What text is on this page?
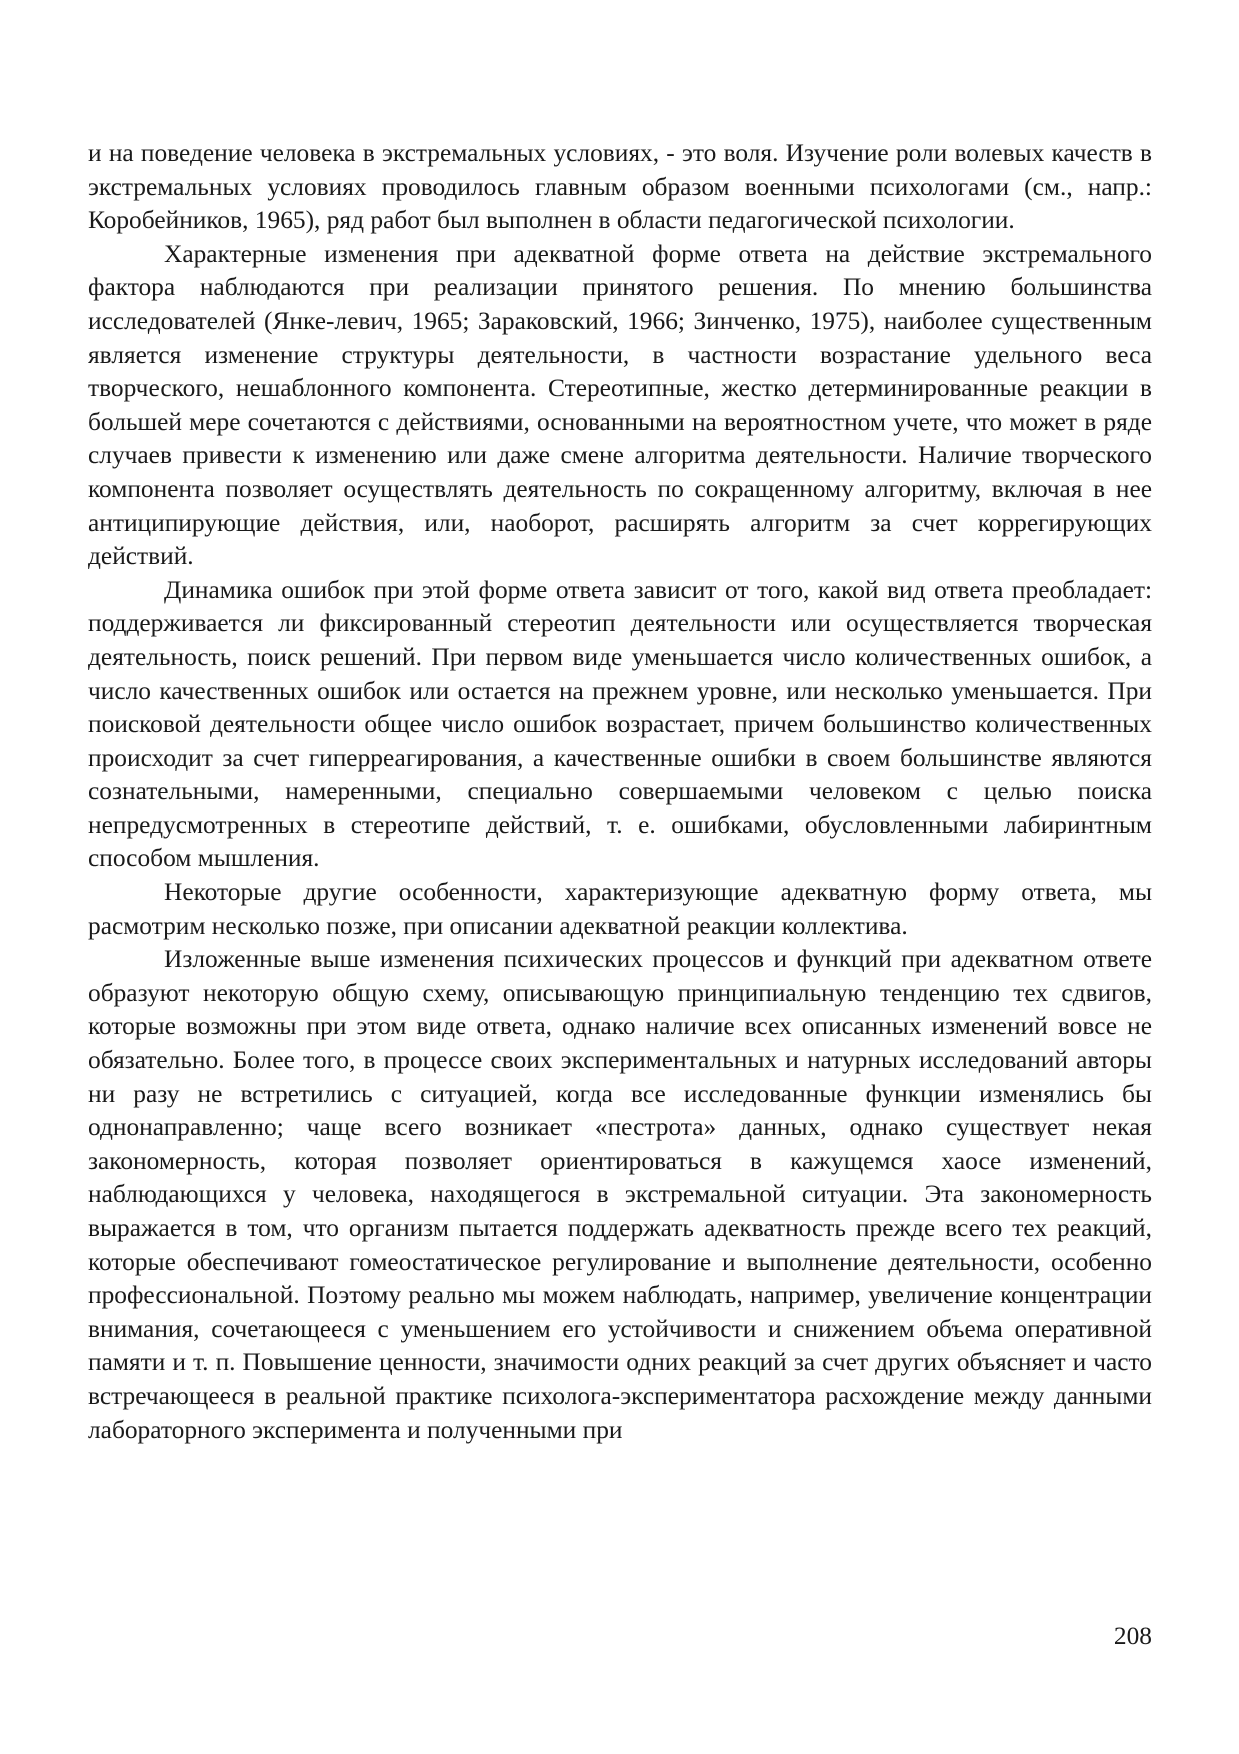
и на поведение человека в экстремальных условиях, - это воля. Изучение роли волевых качеств в экстремальных условиях проводилось главным образом военными психологами (см., напр.: Коробейников, 1965), ряд работ был выполнен в области педагогической психологии.

Характерные изменения при адекватной форме ответа на действие экстремального фактора наблюдаются при реализации принятого решения. По мнению большинства исследователей (Янке-левич, 1965; Зараковский, 1966; Зинченко, 1975), наиболее существенным является изменение структуры деятельности, в частности возрастание удельного веса творческого, нешаблонного компонента. Стереотипные, жестко детерминированные реакции в большей мере сочетаются с действиями, основанными на вероятностном учете, что может в ряде случаев привести к изменению или даже смене алгоритма деятельности. Наличие творческого компонента позволяет осуществлять деятельность по сокращенному алгоритму, включая в нее антиципирующие действия, или, наоборот, расширять алгоритм за счет коррегирующих действий.

Динамика ошибок при этой форме ответа зависит от того, какой вид ответа преобладает: поддерживается ли фиксированный стереотип деятельности или осуществляется творческая деятельность, поиск решений. При первом виде уменьшается число количественных ошибок, а число качественных ошибок или остается на прежнем уровне, или несколько уменьшается. При поисковой деятельности общее число ошибок возрастает, причем большинство количественных происходит за счет гиперреагирования, а качественные ошибки в своем большинстве являются сознательными, намеренными, специально совершаемыми человеком с целью поиска непредусмотренных в стереотипе действий, т. е. ошибками, обусловленными лабиринтным способом мышления.

Некоторые другие особенности, характеризующие адекватную форму ответа, мы расмотрим несколько позже, при описании адекватной реакции коллектива.

Изложенные выше изменения психических процессов и функций при адекватном ответе образуют некоторую общую схему, описывающую принципиальную тенденцию тех сдвигов, которые возможны при этом виде ответа, однако наличие всех описанных изменений вовсе не обязательно. Более того, в процессе своих экспериментальных и натурных исследований авторы ни разу не встретились с ситуацией, когда все исследованные функции изменялись бы однонаправленно; чаще всего возникает «пестрота» данных, однако существует некая закономерность, которая позволяет ориентироваться в кажущемся хаосе изменений, наблюдающихся у человека, находящегося в экстремальной ситуации. Эта закономерность выражается в том, что организм пытается поддержать адекватность прежде всего тех реакций, которые обеспечивают гомеостатическое регулирование и выполнение деятельности, особенно профессиональной. Поэтому реально мы можем наблюдать, например, увеличение концентрации внимания, сочетающееся с уменьшением его устойчивости и снижением объема оперативной памяти и т. п. Повышение ценности, значимости одних реакций за счет других объясняет и часто встречающееся в реальной практике психолога-экспериментатора расхождение между данными лабораторного эксперимента и полученными при

208
